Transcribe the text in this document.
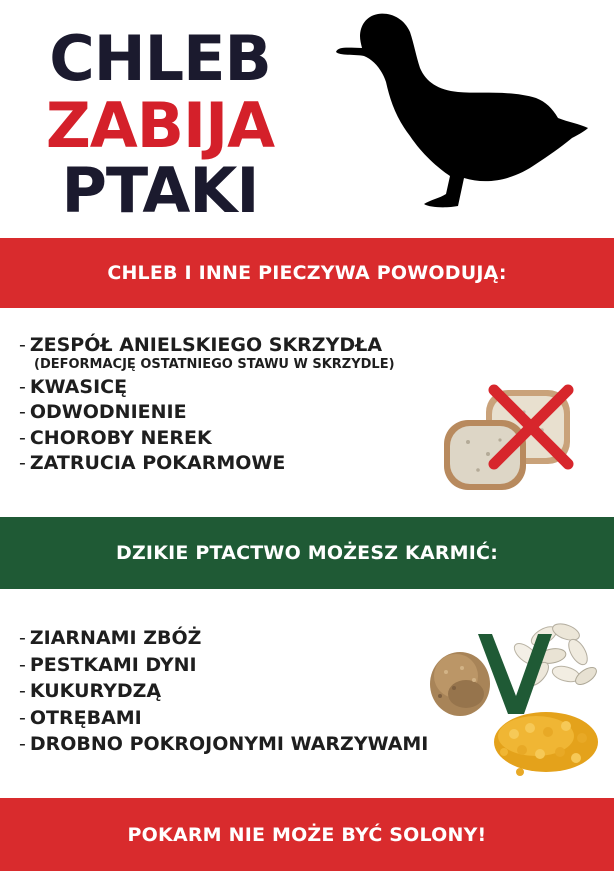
CHLEB
ZABIJA
PTAKI
CHLEB I INNE PIECZYWA POWODUJĄ:
- ZESPÓŁ ANIELSKIEGO SKRZYDŁA
(DEFORMACJĘ OSTATNIEGO STAWU W SKRZYDLE)
- KWASICĘ
- ODWODNIENIE
- CHOROBY NEREK
- ZATRUCIA POKARMOWE
DZIKIE PTACTWO MOŻESZ KARMIĆ:
- ZIARNAMI ZBÓŻ
- PESTKAMI DYNI
- KUKURYDZĄ
- OTRĘBAMI
- DROBNO POKROJONYMI WARZYWAMI
POKARM NIE MOŻE BYĆ SOLONY!
